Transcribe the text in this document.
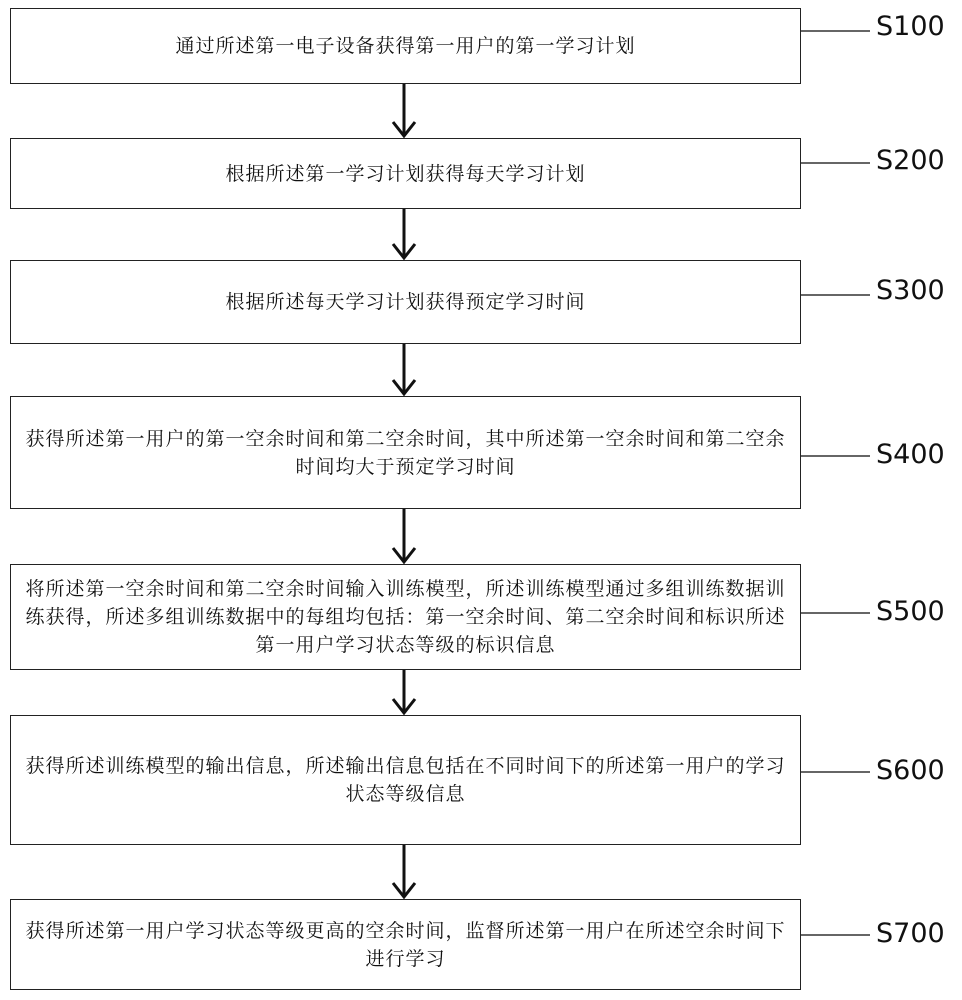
通过所述第一电子设备获得第一用户的第一学习计划
根据所述第一学习计划获得每天学习计划
根据所述每天学习计划获得预定学习时间
获得所述第一用户的第一空余时间和第二空余时间，其中所述第一空余时间和第二空余时间均大于预定学习时间
将所述第一空余时间和第二空余时间输入训练模型，所述训练模型通过多组训练数据训练获得，所述多组训练数据中的每组均包括：第一空余时间、第二空余时间和标识所述第一用户学习状态等级的标识信息
获得所述训练模型的输出信息，所述输出信息包括在不同时间下的所述第一用户的学习状态等级信息
获得所述第一用户学习状态等级更高的空余时间，监督所述第一用户在所述空余时间下进行学习
S100
S200
S300
S400
S500
S600
S700
